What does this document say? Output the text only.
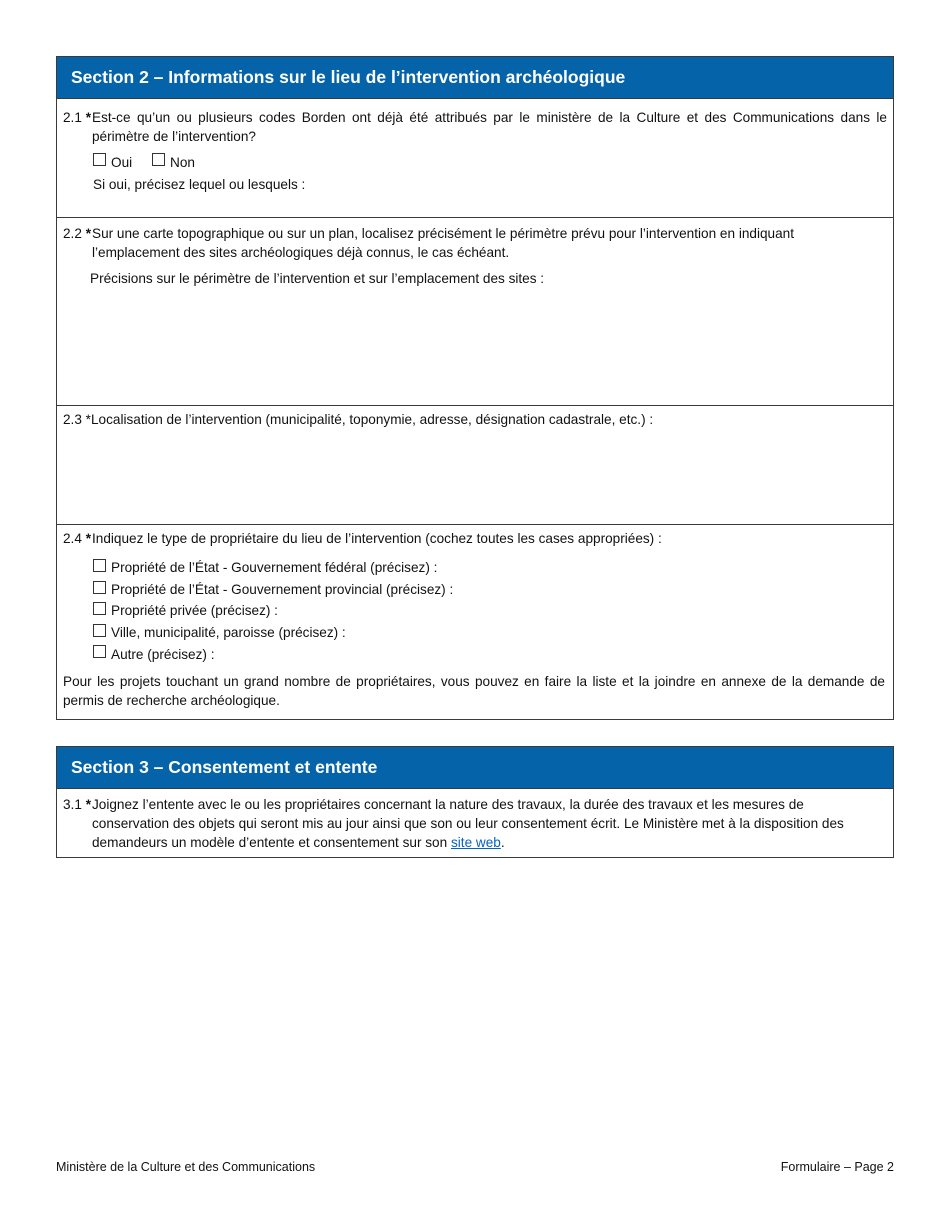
Section 2 – Informations sur le lieu de l’intervention archéologique
2.1 * Est-ce qu’un ou plusieurs codes Borden ont déjà été attribués par le ministère de la Culture et des Communications dans le
périmètre de l’intervention?
Oui	Non
Si oui, précisez lequel ou lesquels :
2.2 * Sur une carte topographique ou sur un plan, localisez précisément le périmètre prévu pour l’intervention en indiquant
l’emplacement des sites archéologiques déjà connus, le cas échéant.
Précisions sur le périmètre de l’intervention et sur l’emplacement des sites :
2.3 *Localisation de l’intervention (municipalité, toponymie, adresse, désignation cadastrale, etc.) :
2.4 * Indiquez le type de propriétaire du lieu de l’intervention (cochez toutes les cases appropriées) :
Propriété de l’État - Gouvernement fédéral (précisez) :
Propriété de l’État - Gouvernement provincial (précisez) :
Propriété privée (précisez) :
Ville, municipalité, paroisse (précisez) :
Autre (précisez) :
Pour les projets touchant un grand nombre de propriétaires, vous pouvez en faire la liste et la joindre en annexe de la demande de
permis de recherche archéologique.
Section 3 – Consentement et entente
3.1 * Joignez l’entente avec le ou les propriétaires concernant la nature des travaux, la durée des travaux et les mesures de
conservation des objets qui seront mis au jour ainsi que son ou leur consentement écrit. Le Ministère met à la disposition des
demandeurs un modèle d’entente et consentement sur son site web.
Ministère de la Culture et des Communications	Formulaire – Page 2
